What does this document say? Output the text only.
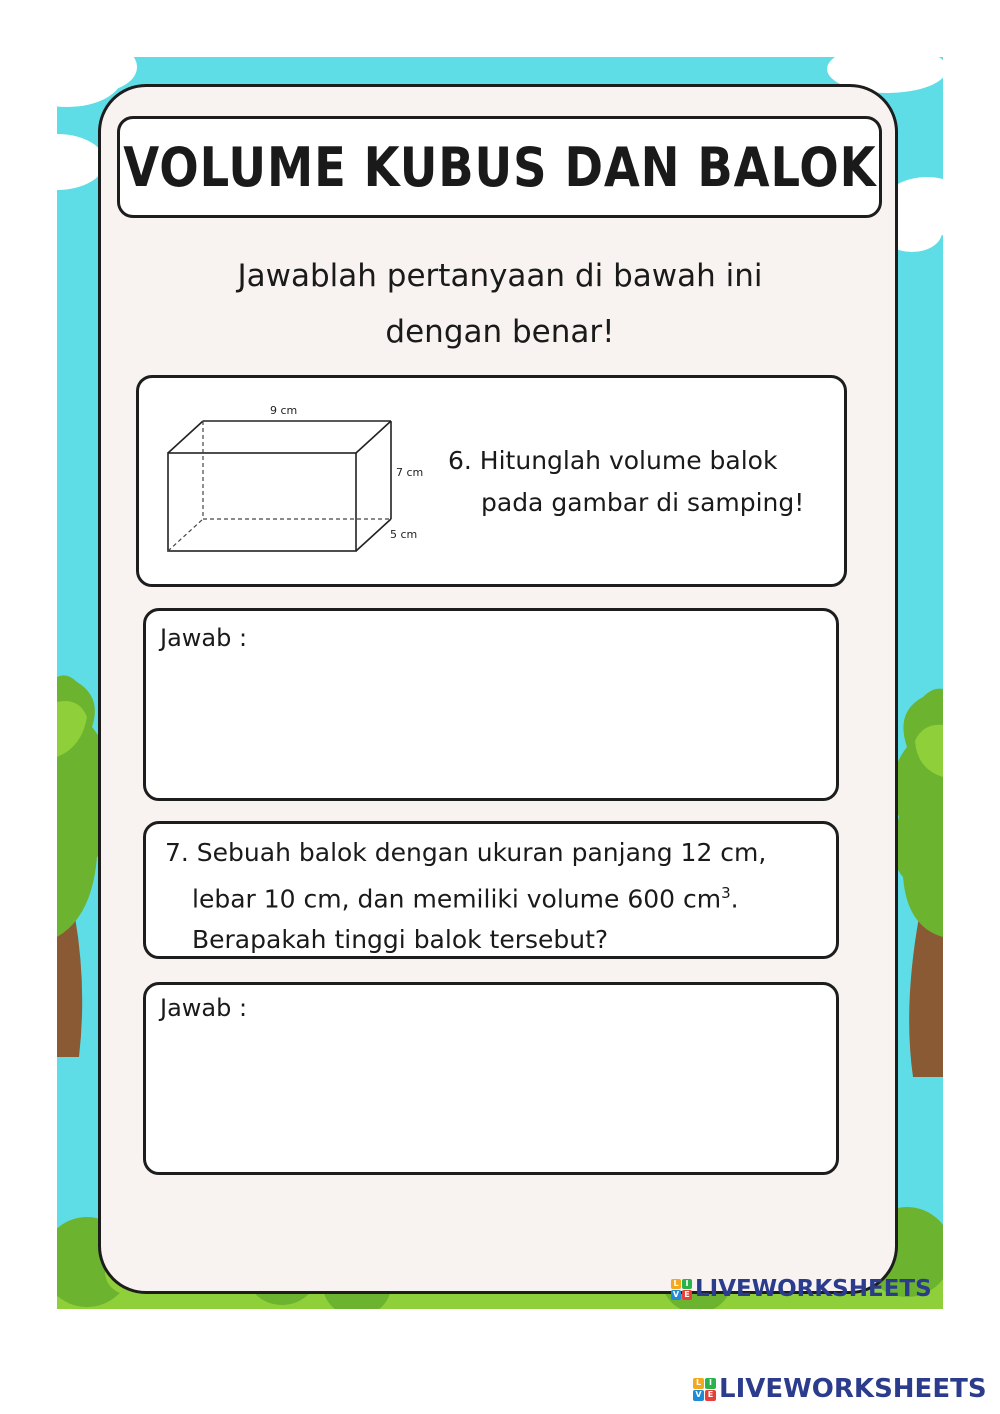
VOLUME KUBUS DAN BALOK
Jawablah pertanyaan di bawah ini
dengan benar!
9 cm
7 cm
5 cm
6. Hitunglah volume balok
pada gambar di samping!
Jawab :
7. Sebuah balok dengan ukuran panjang 12 cm,
lebar 10 cm, dan memiliki volume 600 $cm^3$.
Berapakah tinggi balok tersebut?
Jawab :
L I
V E LIVEWORKSHEETS
L I
V E LIVEWORKSHEETS
